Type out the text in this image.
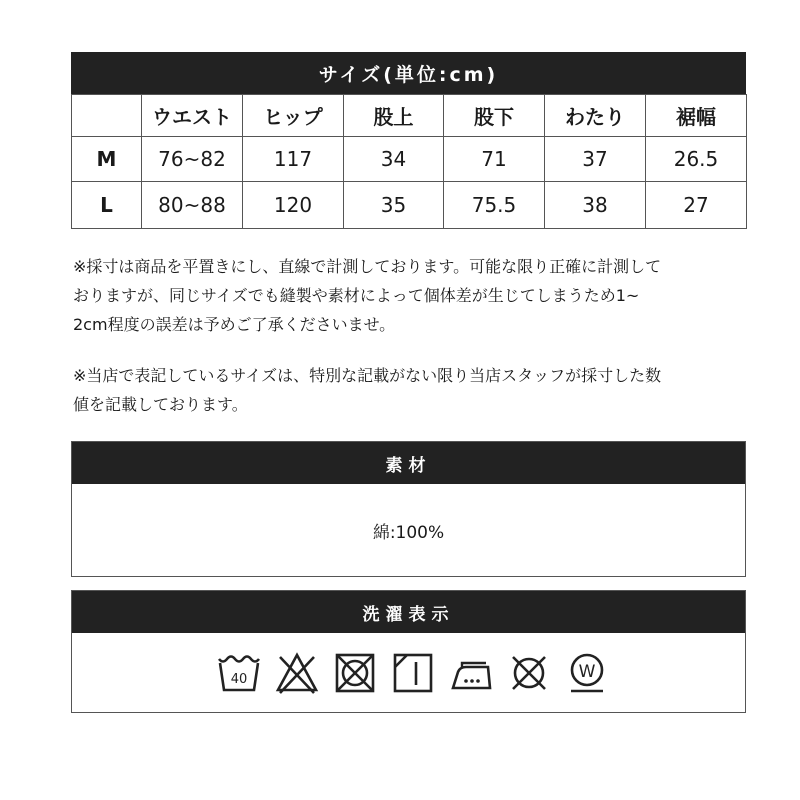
サイズ(単位:cm)
	ウエスト	ヒップ	股上	股下	わたり	裾幅
M	76~82	117	34	71	37	26.5
L	80~88	120	35	75.5	38	27

※採寸は商品を平置きにし、直線で計測しております。可能な限り正確に計測して
おりますが、同じサイズでも縫製や素材によって個体差が生じてしまうため1~
2cm程度の誤差は予めご了承くださいませ。

※当店で表記しているサイズは、特別な記載がない限り当店スタッフが採寸した数
値を記載しております。

素材
綿:100%
洗濯表示
40	W
